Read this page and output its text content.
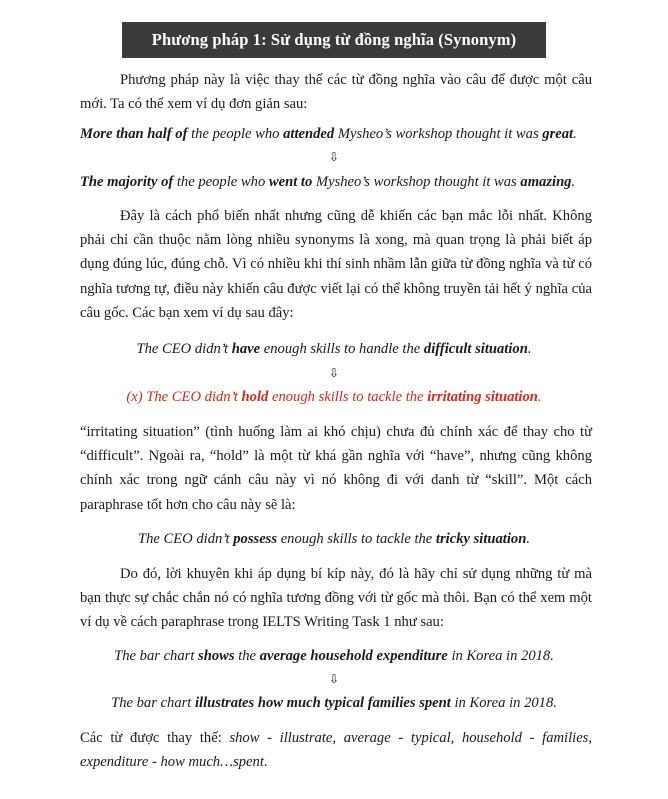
Phương pháp 1: Sử dụng từ đồng nghĩa (Synonym)

Phương pháp này là việc thay thế các từ đồng nghĩa vào câu để được một câu
mới. Ta có thể xem ví dụ đơn giản sau:

More than half of the people who attended Mysheo’s workshop thought it was great.

⇩

The majority of the people who went to Mysheo’s workshop thought it was amazing.

Đây là cách phổ biến nhất nhưng cũng dễ khiến các bạn mắc lỗi nhất. Không
phải chỉ cần thuộc nằm lòng nhiều synonyms là xong, mà quan trọng là phải biết áp
dụng đúng lúc, đúng chỗ. Vì có nhiều khi thí sinh nhầm lẫn giữa từ đồng nghĩa và từ có
nghĩa tương tự, điều này khiến câu được viết lại có thể không truyền tải hết ý nghĩa của
câu gốc. Các bạn xem ví dụ sau đây:

The CEO didn’t have enough skills to handle the difficult situation.

⇩

(x) The CEO didn’t hold enough skills to tackle the irritating situation.

“irritating situation” (tình huống làm ai khó chịu) chưa đủ chính xác để thay cho từ
“difficult”. Ngoài ra, “hold” là một từ khá gần nghĩa với “have”, nhưng cũng không
chính xác trong ngữ cảnh câu này vì nó không đi với danh từ “skill”. Một cách
paraphrase tốt hơn cho câu này sẽ là:

The CEO didn’t possess enough skills to tackle the tricky situation.

Do đó, lời khuyên khi áp dụng bí kíp này, đó là hãy chỉ sử dụng những từ mà
bạn thực sự chắc chắn nó có nghĩa tương đồng với từ gốc mà thôi. Bạn có thể xem một
ví dụ về cách paraphrase trong IELTS Writing Task 1 như sau:

The bar chart shows the average household expenditure in Korea in 2018.

⇩

The bar chart illustrates how much typical families spent in Korea in 2018.

Các từ được thay thế: show - illustrate, average - typical, household - families,
expenditure - how much…spent.
